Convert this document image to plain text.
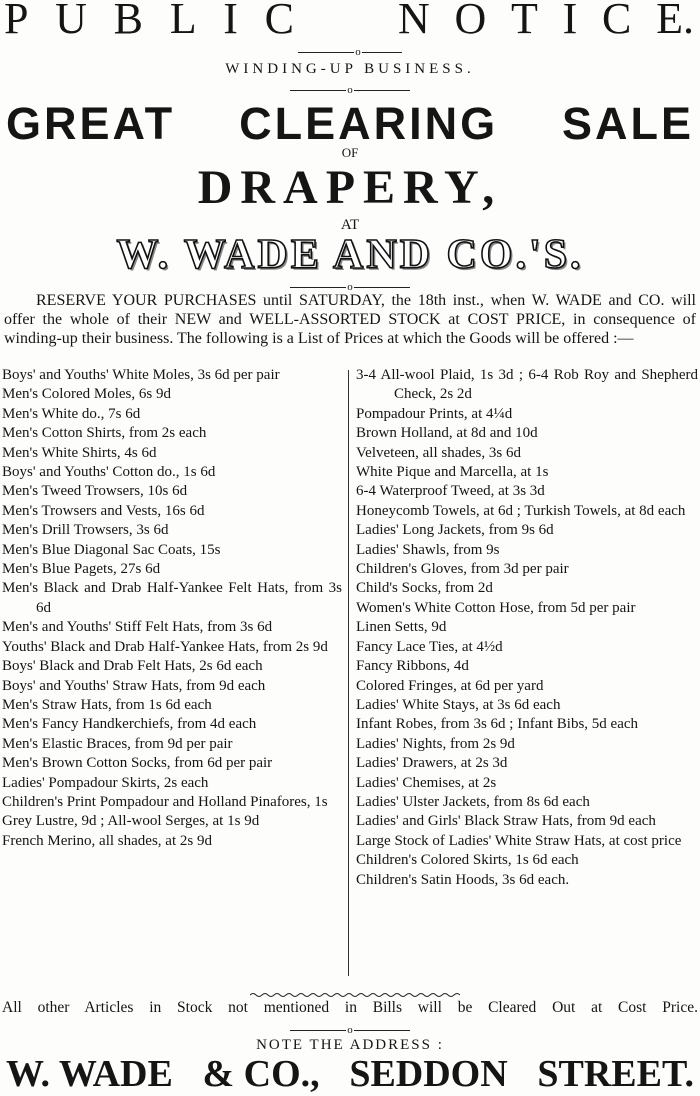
P U B L I C N O T I C E.
o
WINDING-UP BUSINESS.
o
GREAT CLEARING SALE
OF
DRAPERY,
AT
W. WADE AND CO.'S.
o
RESERVE YOUR PURCHASES until SATURDAY, the 18th inst., when W. WADE and CO. will offer the whole of their NEW and WELL-ASSORTED STOCK at COST PRICE, in consequence of winding-up their business. The following is a List of Prices at which the Goods will be offered :—
Boys' and Youths' White Moles, 3s 6d per pair
Men's Colored Moles, 6s 9d
Men's White do., 7s 6d
Men's Cotton Shirts, from 2s each
Men's White Shirts, 4s 6d
Boys' and Youths' Cotton do., 1s 6d
Men's Tweed Trowsers, 10s 6d
Men's Trowsers and Vests, 16s 6d
Men's Drill Trowsers, 3s 6d
Men's Blue Diagonal Sac Coats, 15s
Men's Blue Pagets, 27s 6d
Men's Black and Drab Half-Yankee Felt Hats, from 3s 6d
Men's and Youths' Stiff Felt Hats, from 3s 6d
Youths' Black and Drab Half-Yankee Hats, from 2s 9d
Boys' Black and Drab Felt Hats, 2s 6d each
Boys' and Youths' Straw Hats, from 9d each
Men's Straw Hats, from 1s 6d each
Men's Fancy Handkerchiefs, from 4d each
Men's Elastic Braces, from 9d per pair
Men's Brown Cotton Socks, from 6d per pair
Ladies' Pompadour Skirts, 2s each
Children's Print Pompadour and Holland Pinafores, 1s
Grey Lustre, 9d ; All-wool Serges, at 1s 9d
French Merino, all shades, at 2s 9d
3-4 All-wool Plaid, 1s 3d ; 6-4 Rob Roy and Shepherd Check, 2s 2d
Pompadour Prints, at 4¼d
Brown Holland, at 8d and 10d
Velveteen, all shades, 3s 6d
White Pique and Marcella, at 1s
6-4 Waterproof Tweed, at 3s 3d
Honeycomb Towels, at 6d ; Turkish Towels, at 8d each
Ladies' Long Jackets, from 9s 6d
Ladies' Shawls, from 9s
Children's Gloves, from 3d per pair
Child's Socks, from 2d
Women's White Cotton Hose, from 5d per pair
Linen Setts, 9d
Fancy Lace Ties, at 4½d
Fancy Ribbons, 4d
Colored Fringes, at 6d per yard
Ladies' White Stays, at 3s 6d each
Infant Robes, from 3s 6d ; Infant Bibs, 5d each
Ladies' Nights, from 2s 9d
Ladies' Drawers, at 2s 3d
Ladies' Chemises, at 2s
Ladies' Ulster Jackets, from 8s 6d each
Ladies' and Girls' Black Straw Hats, from 9d each
Large Stock of Ladies' White Straw Hats, at cost price
Children's Colored Skirts, 1s 6d each
Children's Satin Hoods, 3s 6d each.
All other Articles in Stock not mentioned in Bills will be Cleared Out at Cost Price.
o
NOTE THE ADDRESS :
W. WADE & CO., SEDDON STREET.
